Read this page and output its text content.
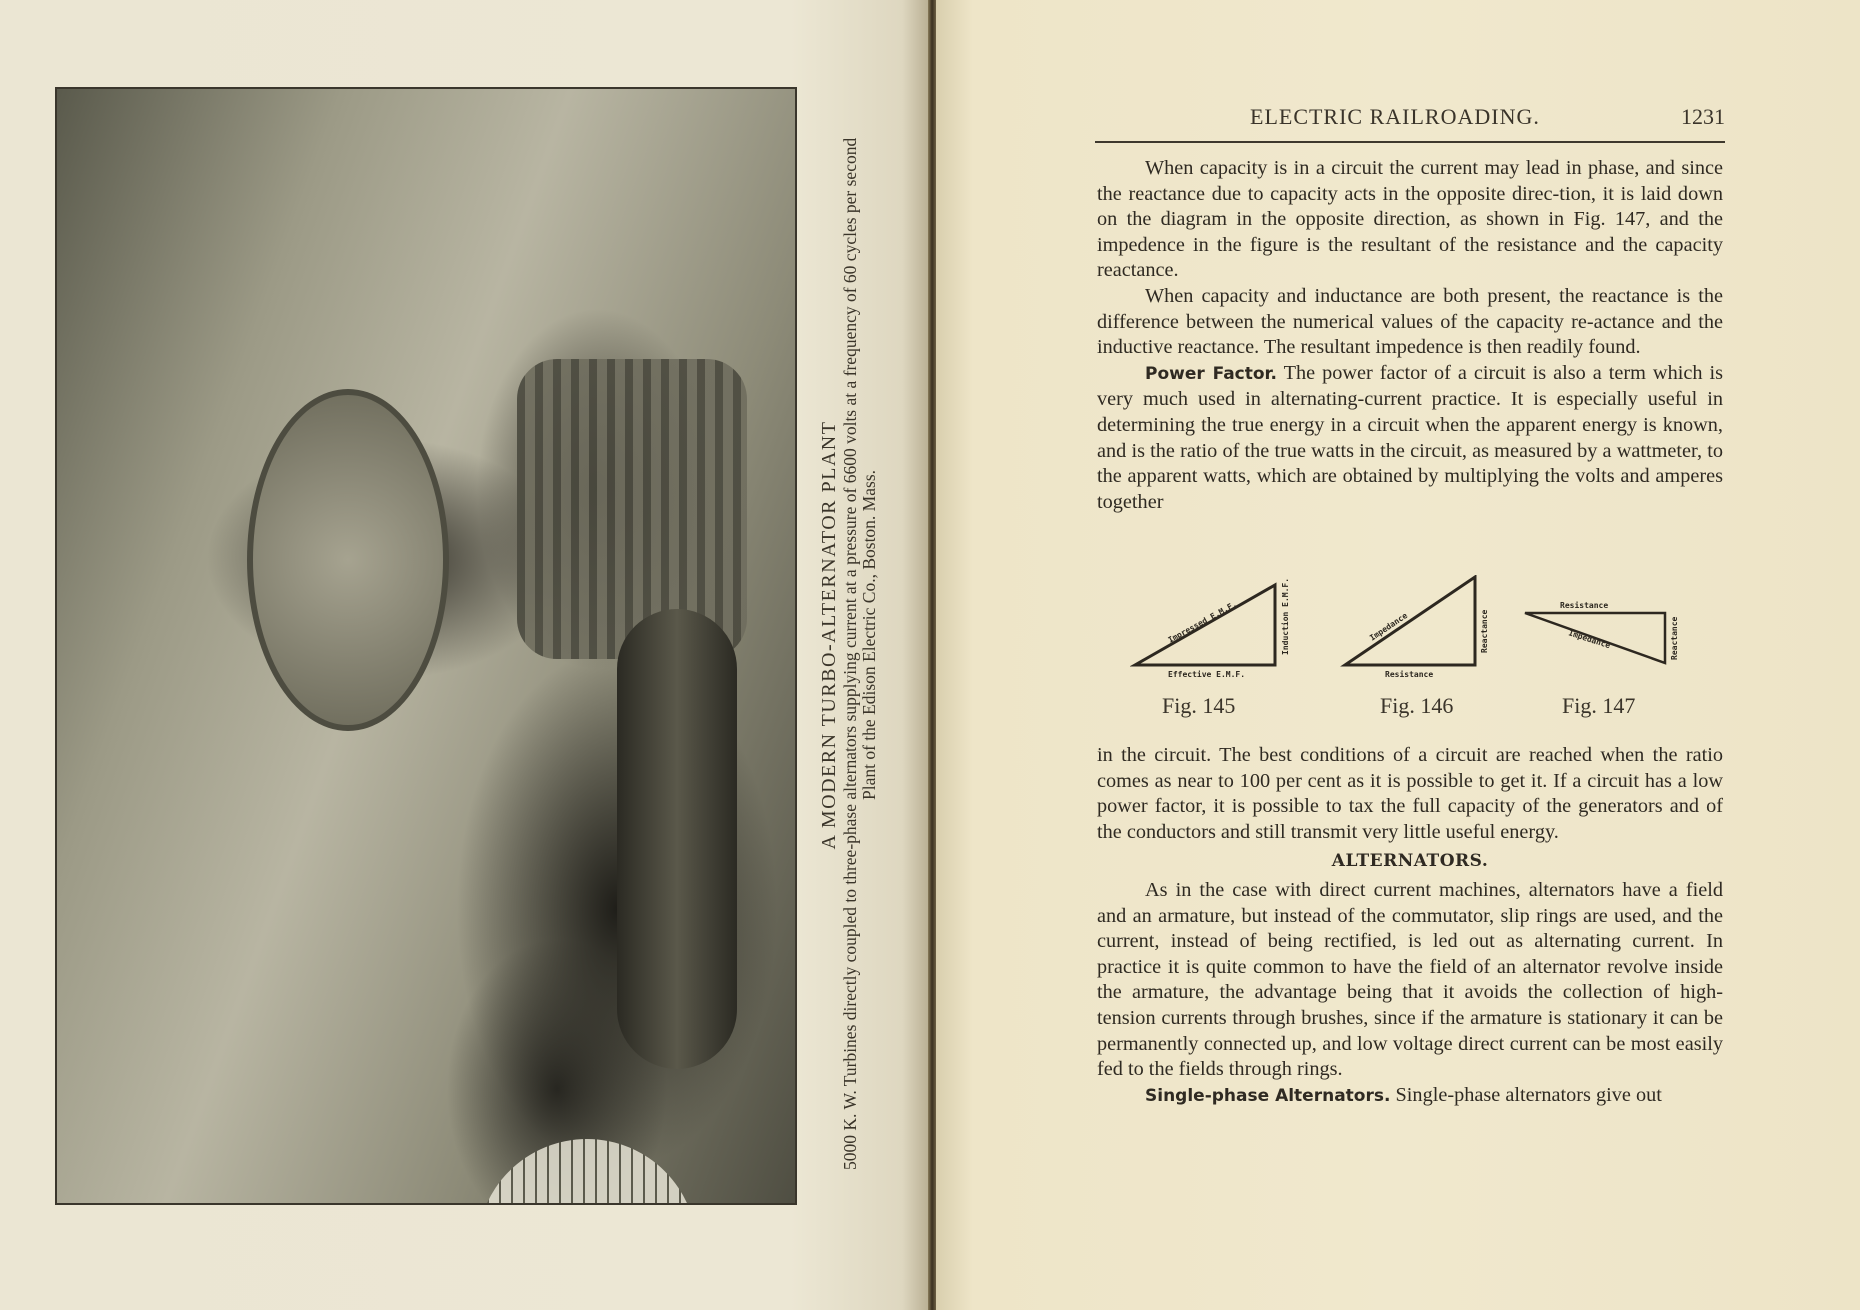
A MODERN TURBO-ALTERNATOR PLANT 5000 K. W. Turbines directly coupled to three-phase alternators supplying current at a pressure of 6600 volts at a frequency of 60 cycles per second Plant of the Edison Electric Co., Boston. Mass.
ELECTRIC RAILROADING.	1231

When capacity is in a circuit the current may lead in phase, and since the reactance due to capacity acts in the opposite direc-tion, it is laid down on the diagram in the opposite direction, as shown in Fig. 147, and the impedence in the figure is the resultant of the resistance and the capacity reactance.

When capacity and inductance are both present, the reactance is the difference between the numerical values of the capacity re-actance and the inductive reactance. The resultant impedence is then readily found.

Power Factor. The power factor of a circuit is also a term which is very much used in alternating-current practice. It is especially useful in determining the true energy in a circuit when the apparent energy is known, and is the ratio of the true watts in the circuit, as measured by a wattmeter, to the apparent watts, which are obtained by multiplying the volts and amperes together

Impressed E.M.F.
Effective E.M.F.
Induction E.M.F.
Fig. 145
Impedance
Resistance
Reactance
Fig. 146
Resistance
Impedance	Reactance
Fig. 147

in the circuit. The best conditions of a circuit are reached when the ratio comes as near to 100 per cent as it is possible to get it. If a circuit has a low power factor, it is possible to tax the full capacity of the generators and of the conductors and still transmit very little useful energy.

ALTERNATORS.

As in the case with direct current machines, alternators have a field and an armature, but instead of the commutator, slip rings are used, and the current, instead of being rectified, is led out as alternating current. In practice it is quite common to have the field of an alternator revolve inside the armature, the advantage being that it avoids the collection of high-tension currents through brushes, since if the armature is stationary it can be permanently connected up, and low voltage direct current can be most easily fed to the fields through rings.

Single-phase Alternators. Single-phase alternators give out
